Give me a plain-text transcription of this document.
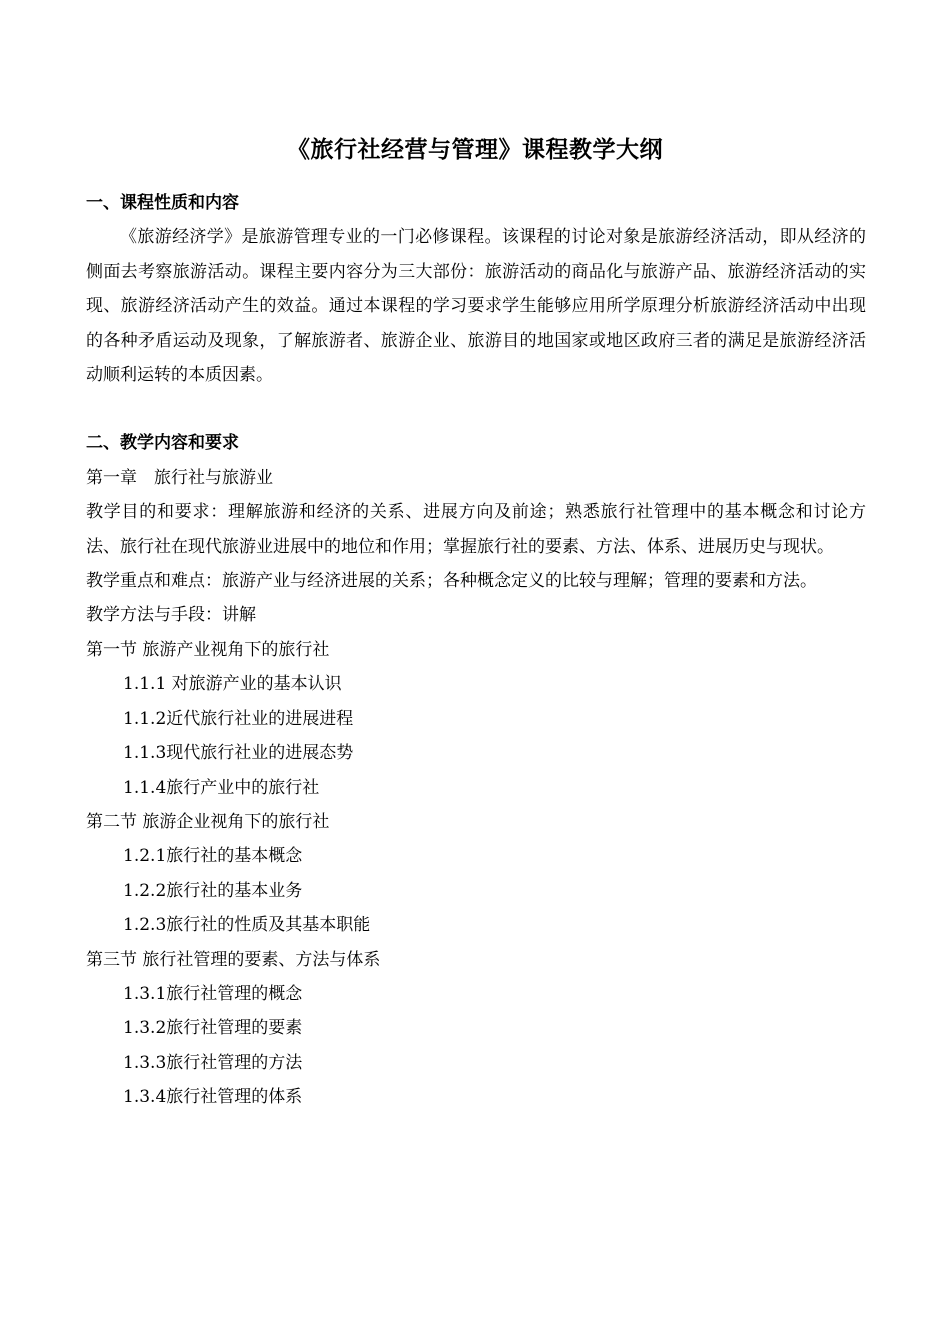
《旅行社经营与管理》课程教学大纲

一、课程性质和内容

《旅游经济学》是旅游管理专业的一门必修课程。该课程的讨论对象是旅游经济活动，即从经济的侧面去考察旅游活动。课程主要内容分为三大部份：旅游活动的商品化与旅游产品、旅游经济活动的实现、旅游经济活动产生的效益。通过本课程的学习要求学生能够应用所学原理分析旅游经济活动中出现的各种矛盾运动及现象，了解旅游者、旅游企业、旅游目的地国家或地区政府三者的满足是旅游经济活动顺利运转的本质因素。

二、教学内容和要求

第一章　旅行社与旅游业

教学目的和要求：理解旅游和经济的关系、进展方向及前途；熟悉旅行社管理中的基本概念和讨论方法、旅行社在现代旅游业进展中的地位和作用；掌握旅行社的要素、方法、体系、进展历史与现状。

教学重点和难点：旅游产业与经济进展的关系；各种概念定义的比较与理解；管理的要素和方法。

教学方法与手段：讲解

第一节 旅游产业视角下的旅行社

1.1.1 对旅游产业的基本认识

1.1.2近代旅行社业的进展进程

1.1.3现代旅行社业的进展态势

1.1.4旅行产业中的旅行社

第二节 旅游企业视角下的旅行社

1.2.1旅行社的基本概念

1.2.2旅行社的基本业务

1.2.3旅行社的性质及其基本职能

第三节 旅行社管理的要素、方法与体系

1.3.1旅行社管理的概念

1.3.2旅行社管理的要素

1.3.3旅行社管理的方法

1.3.4旅行社管理的体系
